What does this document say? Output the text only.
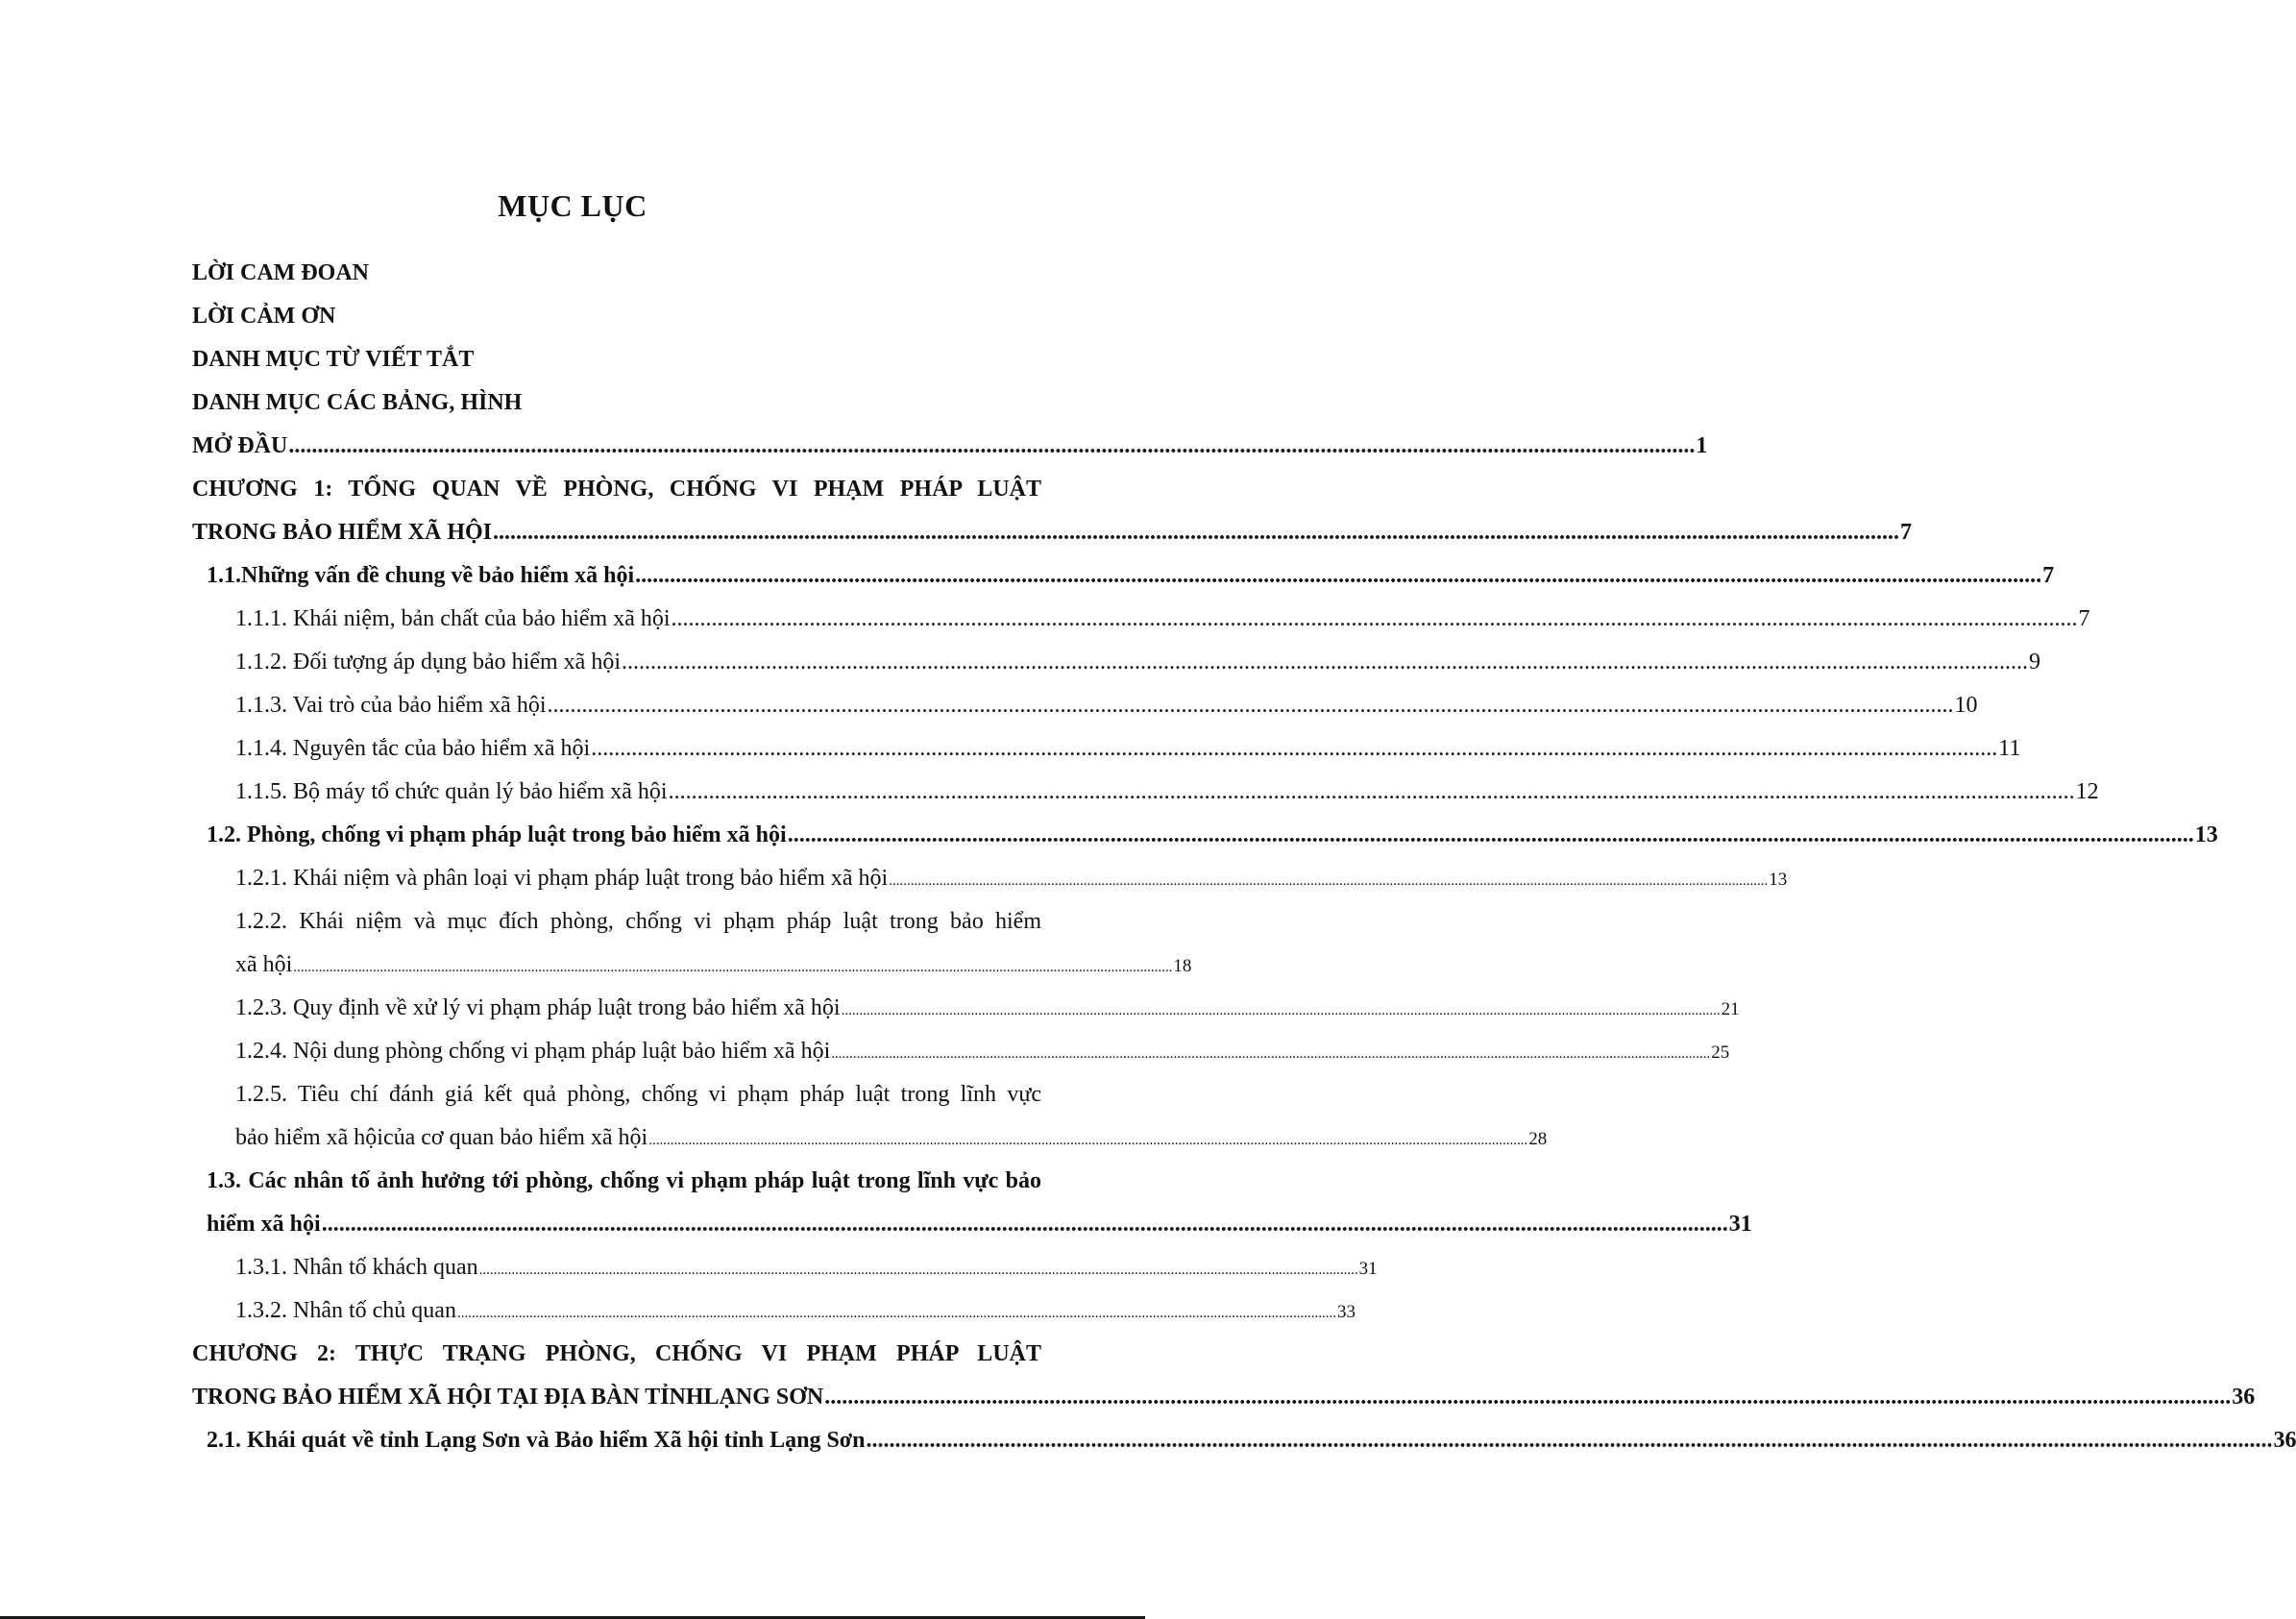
MỤC LỤC
LỜI CAM ĐOAN
LỜI CẢM ƠN
DANH MỤC TỪ VIẾT TẮT
DANH MỤC CÁC BẢNG, HÌNH
MỞ ĐẦU .................................................................................................................................................................................................................................................... 1
CHƯƠNG 1: TỔNG QUAN VỀ PHÒNG, CHỐNG VI PHẠM PHÁP LUẬT
TRONG BẢO HIỂM XÃ HỘI .................................................................................................................................................................................................................................................... 7
1.1.Những vấn đề chung về bảo hiểm xã hội .................................................................................................................................................................................................................................................... 7
1.1.1. Khái niệm, bản chất của bảo hiểm xã hội .................................................................................................................................................................................................................................................... 7
1.1.2. Đối tượng áp dụng bảo hiểm xã hội .................................................................................................................................................................................................................................................... 9
1.1.3. Vai trò của bảo hiểm xã hội .................................................................................................................................................................................................................................................... 10
1.1.4. Nguyên tắc của bảo hiểm xã hội .................................................................................................................................................................................................................................................... 11
1.1.5. Bộ máy tổ chức quản lý bảo hiểm xã hội .................................................................................................................................................................................................................................................... 12
1.2. Phòng, chống vi phạm pháp luật trong bảo hiểm xã hội .................................................................................................................................................................................................................................................... 13
1.2.1. Khái niệm và phân loại vi phạm pháp luật trong bảo hiểm xã hội .................................................................................................................................................................................................................................................... 13
1.2.2. Khái niệm và mục đích phòng, chống vi phạm pháp luật trong bảo hiểm
xã hội .................................................................................................................................................................................................................................................... 18
1.2.3. Quy định về xử lý vi phạm pháp luật trong bảo hiểm xã hội .................................................................................................................................................................................................................................................... 21
1.2.4. Nội dung phòng chống vi phạm pháp luật bảo hiểm xã hội .................................................................................................................................................................................................................................................... 25
1.2.5. Tiêu chí đánh giá kết quả phòng, chống vi phạm pháp luật trong lĩnh vực
bảo hiểm xã hộicủa cơ quan bảo hiểm xã hội .................................................................................................................................................................................................................................................... 28
1.3. Các nhân tố ảnh hưởng tới phòng, chống vi phạm pháp luật trong lĩnh vực bảo
hiểm xã hội .................................................................................................................................................................................................................................................... 31
1.3.1. Nhân tố khách quan .................................................................................................................................................................................................................................................... 31
1.3.2. Nhân tố chủ quan .................................................................................................................................................................................................................................................... 33
CHƯƠNG 2: THỰC TRẠNG PHÒNG, CHỐNG VI PHẠM PHÁP LUẬT
TRONG BẢO HIỂM XÃ HỘI TẠI ĐỊA BÀN TỈNHLẠNG SƠN .................................................................................................................................................................................................................................................... 36
2.1. Khái quát về tỉnh Lạng Sơn và Bảo hiểm Xã hội tỉnh Lạng Sơn .................................................................................................................................................................................................................................................... 36
